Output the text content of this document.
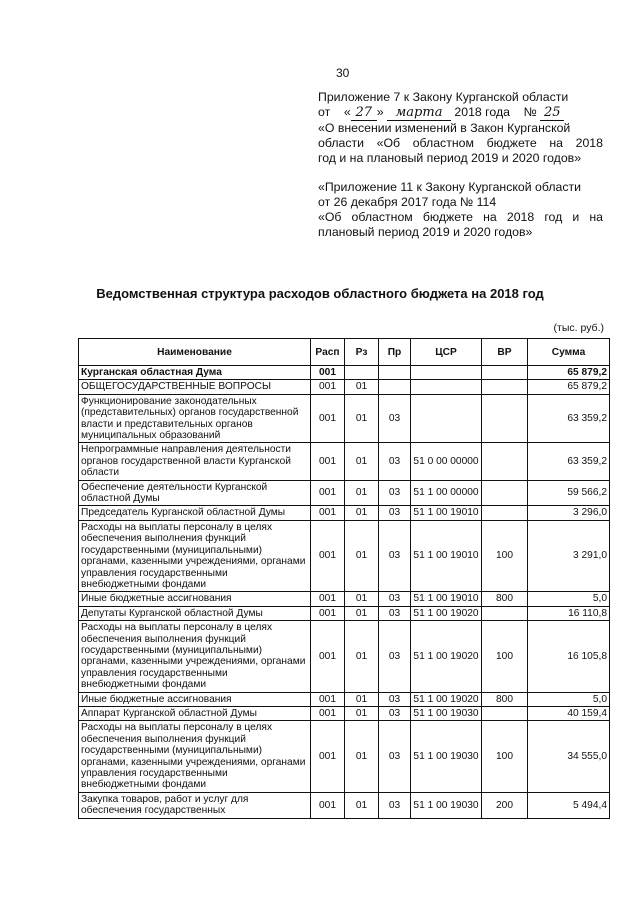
30
Приложение 7 к Закону Курганской области
от « 27 » марта 2018 года № 25
«О внесении изменений в Закон Курганской
области «Об областном бюджете на 2018
год и на плановый период 2019 и 2020 годов»
«Приложение 11 к Закону Курганской области
от 26 декабря 2017 года № 114
«Об областном бюджете на 2018 год и на
плановый период 2019 и 2020 годов»
Ведомственная структура расходов областного бюджета на 2018 год
(тыс. руб.)
Наименование	Расп	Рз	Пр	ЦСР	ВР	Сумма
Курганская областная Дума	001					65 879,2
ОБЩЕГОСУДАРСТВЕННЫЕ ВОПРОСЫ	001	01				65 879,2
Функционирование законодательных (представительных) органов государственной власти и представительных органов муниципальных образований	001	01	03			63 359,2
Непрограммные направления деятельности органов государственной власти Курганской области	001	01	03	51 0 00 00000		63 359,2
Обеспечение деятельности Курганской областной Думы	001	01	03	51 1 00 00000		59 566,2
Председатель Курганской областной Думы	001	01	03	51 1 00 19010		3 296,0
Расходы на выплаты персоналу в целях обеспечения выполнения функций государственными (муниципальными) органами, казенными учреждениями, органами управления государственными внебюджетными фондами	001	01	03	51 1 00 19010	100	3 291,0
Иные бюджетные ассигнования	001	01	03	51 1 00 19010	800	5,0
Депутаты Курганской областной Думы	001	01	03	51 1 00 19020		16 110,8
Расходы на выплаты персоналу в целях обеспечения выполнения функций государственными (муниципальными) органами, казенными учреждениями, органами управления государственными внебюджетными фондами	001	01	03	51 1 00 19020	100	16 105,8
Иные бюджетные ассигнования	001	01	03	51 1 00 19020	800	5,0
Аппарат Курганской областной Думы	001	01	03	51 1 00 19030		40 159,4
Расходы на выплаты персоналу в целях обеспечения выполнения функций государственными (муниципальными) органами, казенными учреждениями, органами управления государственными внебюджетными фондами	001	01	03	51 1 00 19030	100	34 555,0
Закупка товаров, работ и услуг для обеспечения государственных	001	01	03	51 1 00 19030	200	5 494,4
